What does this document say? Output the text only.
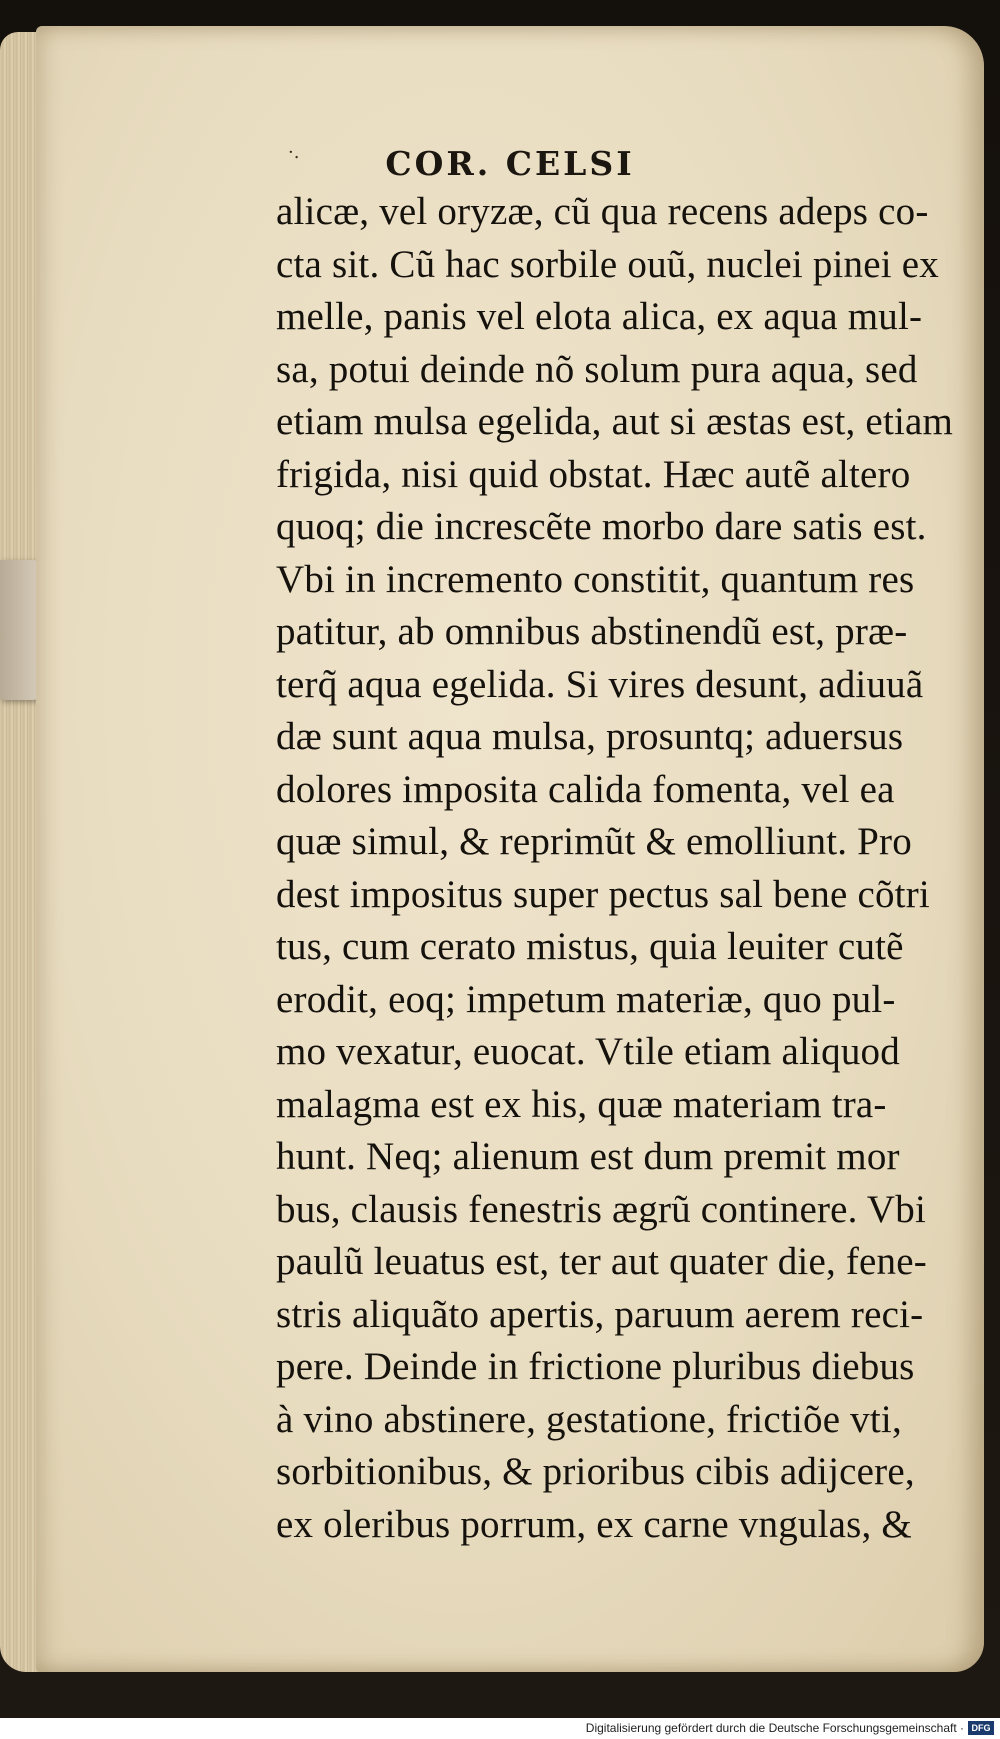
·.	COR. CELSI
alicæ, vel oryzæ, cũ qua recens adeps co-
cta sit. Cũ hac sorbile ouũ, nuclei pinei ex
melle, panis vel elota alica, ex aqua mul-
sa, potui deinde nõ solum pura aqua, sed
etiam mulsa egelida, aut si æstas est, etiam
frigida, nisi quid obstat. Hæc autẽ altero
quoq; die increscẽte morbo dare satis est.
Vbi in incremento constitit, quantum res
patitur, ab omnibus abstinendũ est, præ-
terq̃ aqua egelida. Si vires desunt, adiuuã
dæ sunt aqua mulsa, prosuntq; aduersus
dolores imposita calida fomenta, vel ea
quæ simul, & reprimũt & emolliunt. Pro
dest impositus super pectus sal bene cõtri
tus, cum cerato mistus, quia leuiter cutẽ
erodit, eoq; impetum materiæ, quo pul-
mo vexatur, euocat. Vtile etiam aliquod
malagma est ex his, quæ materiam tra-
hunt. Neq; alienum est dum premit mor
bus, clausis fenestris ægrũ continere. Vbi
paulũ leuatus est, ter aut quater die, fene-
stris aliquãto apertis, paruum aerem reci-
pere. Deinde in frictione pluribus diebus
à vino abstinere, gestatione, frictiõe vti,
sorbitionibus, & prioribus cibis adijcere,
ex oleribus porrum, ex carne vngulas, &
Digitalisierung gefördert durch die Deutsche Forschungsgemeinschaft · DFG
